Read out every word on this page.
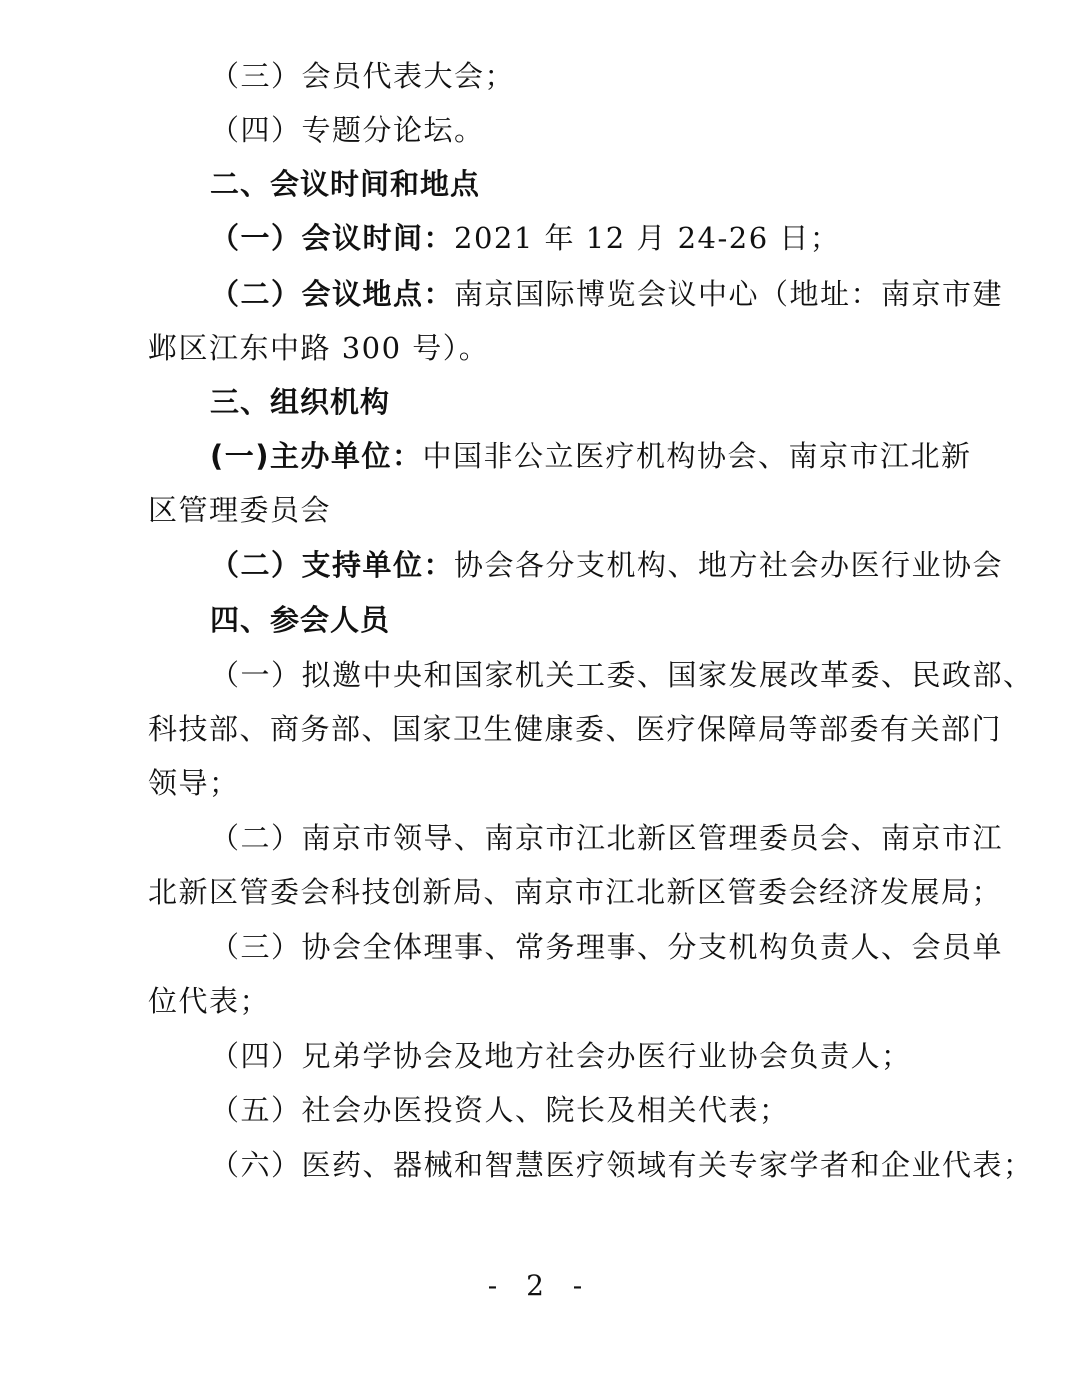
（三）会员代表大会；
（四）专题分论坛。
二、会议时间和地点
（一）会议时间：2021 年 12 月 24-26 日；
（二）会议地点：南京国际博览会议中心（地址：南京市建
邺区江东中路 300 号）。
三、组织机构
(一)主办单位：中国非公立医疗机构协会、南京市江北新
区管理委员会
（二）支持单位：协会各分支机构、地方社会办医行业协会
四、参会人员
（一）拟邀中央和国家机关工委、国家发展改革委、民政部、
科技部、商务部、国家卫生健康委、医疗保障局等部委有关部门
领导；
（二）南京市领导、南京市江北新区管理委员会、南京市江
北新区管委会科技创新局、南京市江北新区管委会经济发展局；
（三）协会全体理事、常务理事、分支机构负责人、会员单
位代表；
（四）兄弟学协会及地方社会办医行业协会负责人；
（五）社会办医投资人、院长及相关代表；
（六）医药、器械和智慧医疗领域有关专家学者和企业代表；
- 2 -
